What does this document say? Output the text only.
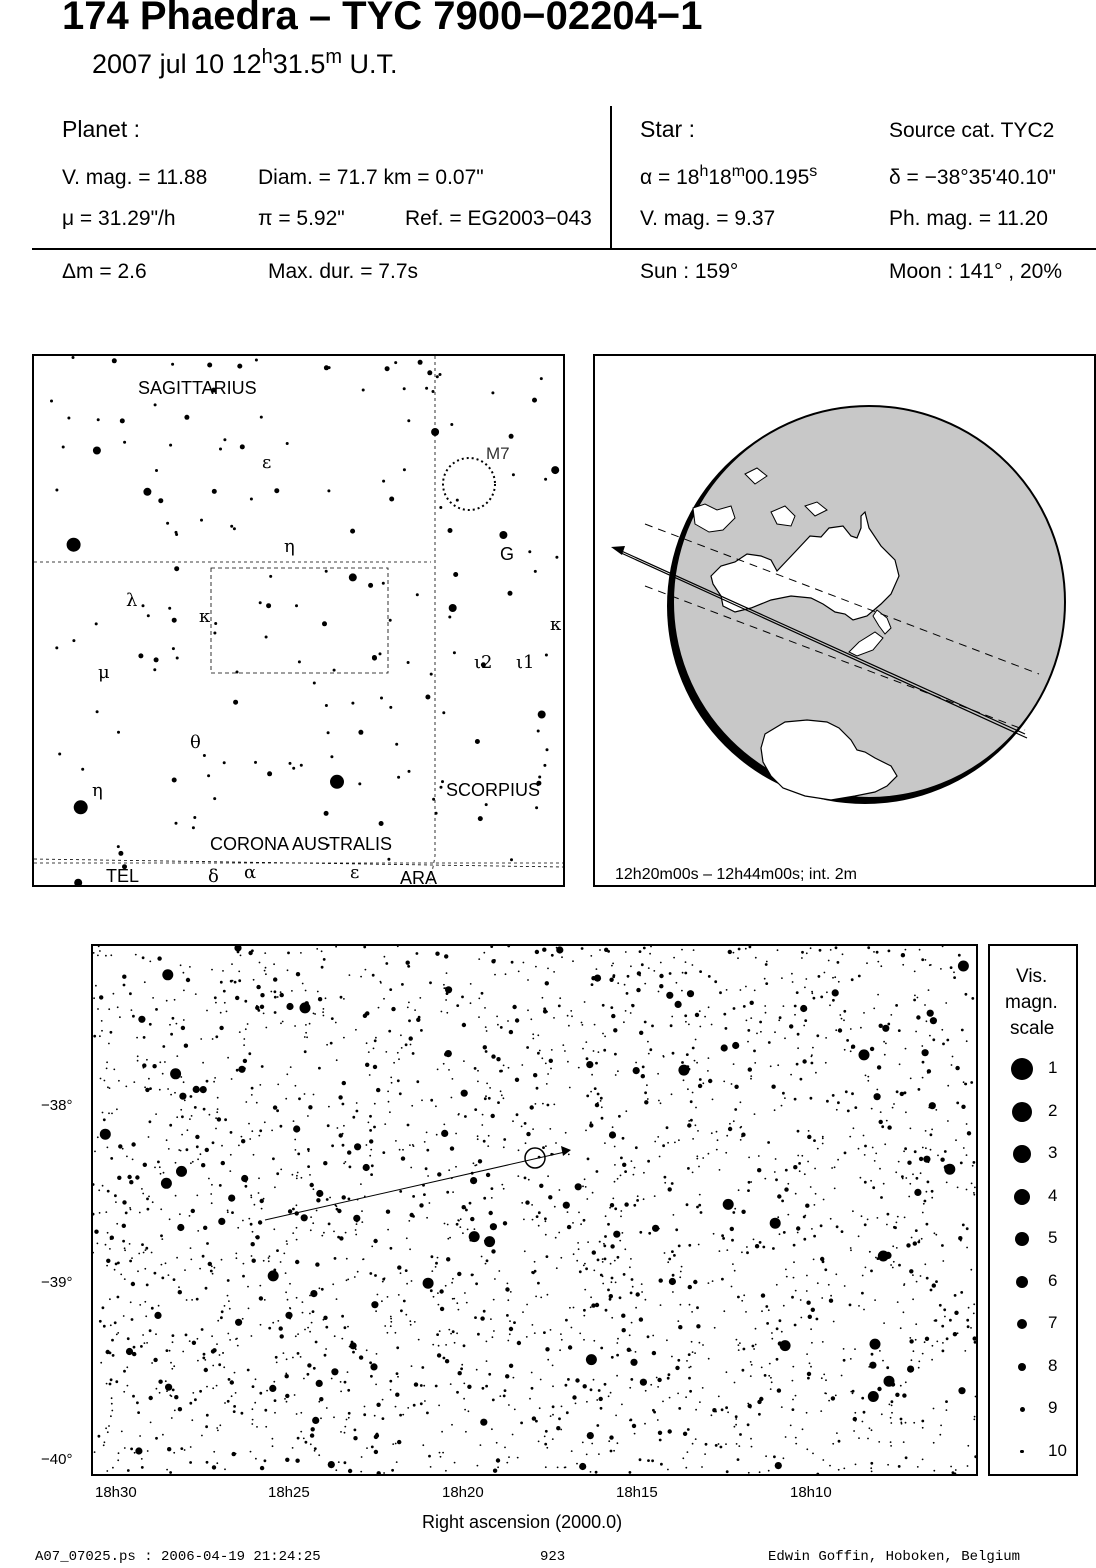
174 Phaedra – TYC 7900−02204−1
2007 jul 10 12$^h$31.5$^m$ U.T.
Planet :
V. mag. = 11.88 Diam. = 71.7 km = 0.07"
μ = 31.29"/h	π = 5.92"	Ref. = EG2003−043
Star :	Source cat. TYC2
$\alpha = 18^h18^m00.195^s$	δ = −38°35'40.10"
V. mag. = 9.37	Ph. mag. = 11.20
Δm = 2.6	Max. dur. = 7.7s	Sun : 159°	Moon : 141° , 20%
SAGITTARIUS
SCORPIUS
CORONA AUSTRALIS
TEL	ARA
M7
ε
η	G
λ
κ	κ
μ	ι2 ι1
θ
η
δ α	ε	12h20m00s – 12h44m00s; int. 2m
−38°
−39°
−40°
18h30	18h25	18h20	18h15	18h10
Right ascension (2000.0)
Vis.
magn.
scale
1
2
3
4
5
6
7
8
9
10
A07_07025.ps : 2006-04-19 21:24:25	923	Edwin Goffin, Hoboken, Belgium
